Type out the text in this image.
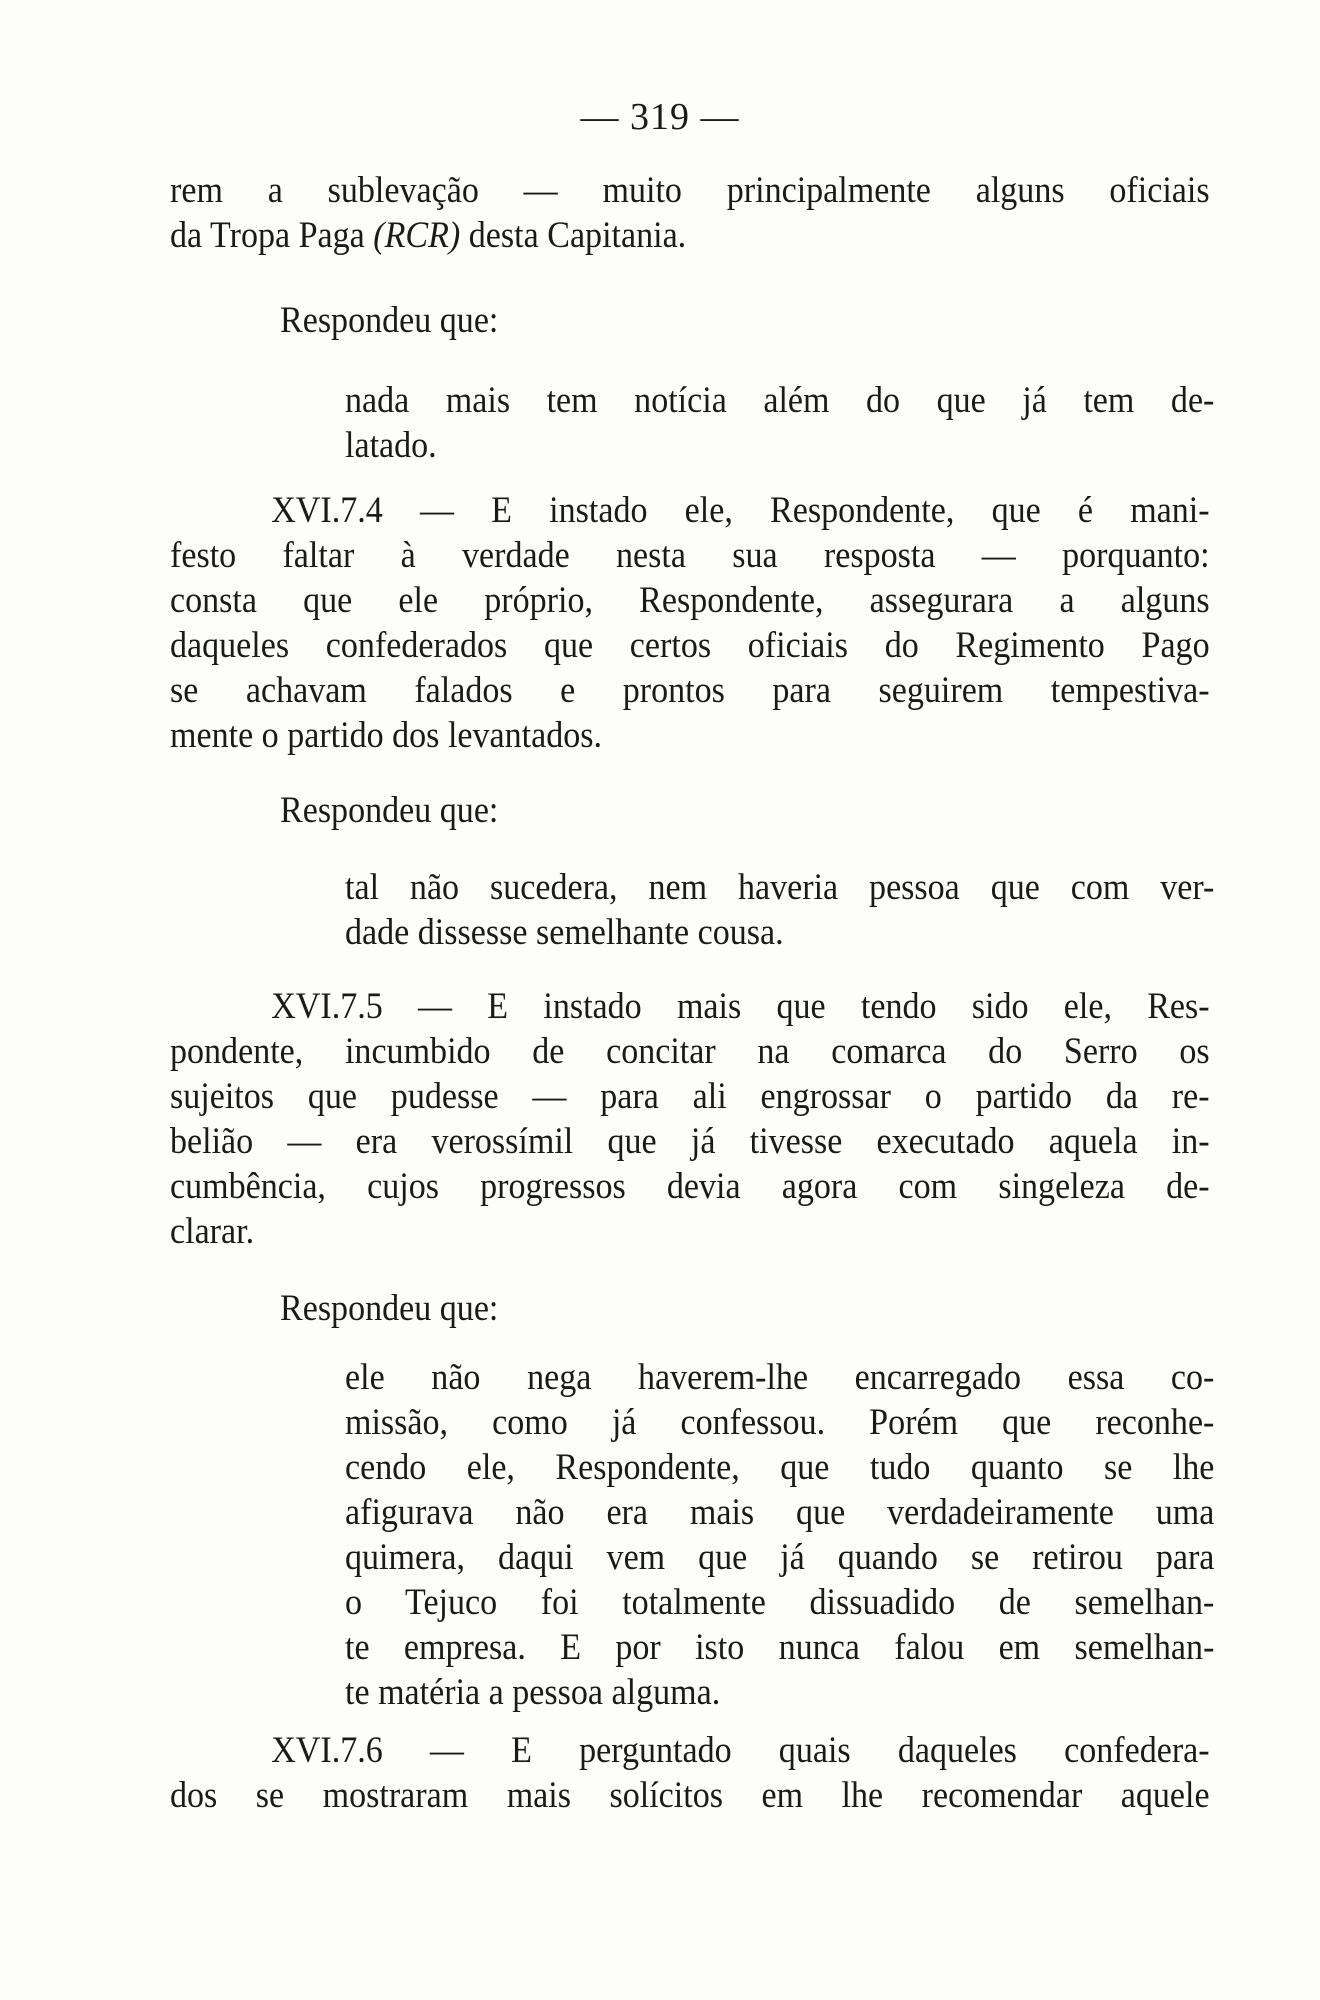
— 319 —
rem a sublevação — muito principalmente alguns oficiais
da Tropa Paga (RCR) desta Capitania.
Respondeu que:
nada mais tem notícia além do que já tem de-
latado.
XVI.7.4 — E instado ele, Respondente, que é mani-
festo faltar à verdade nesta sua resposta — porquanto:
consta que ele próprio, Respondente, assegurara a alguns
daqueles confederados que certos oficiais do Regimento Pago
se achavam falados e prontos para seguirem tempestiva-
mente o partido dos levantados.
Respondeu que:
tal não sucedera, nem haveria pessoa que com ver-
dade dissesse semelhante cousa.
XVI.7.5 — E instado mais que tendo sido ele, Res-
pondente, incumbido de concitar na comarca do Serro os
sujeitos que pudesse — para ali engrossar o partido da re-
belião — era verossímil que já tivesse executado aquela in-
cumbência, cujos progressos devia agora com singeleza de-
clarar.
Respondeu que:
ele não nega haverem-lhe encarregado essa co-
missão, como já confessou. Porém que reconhe-
cendo ele, Respondente, que tudo quanto se lhe
afigurava não era mais que verdadeiramente uma
quimera, daqui vem que já quando se retirou para
o Tejuco foi totalmente dissuadido de semelhan-
te empresa. E por isto nunca falou em semelhan-
te matéria a pessoa alguma.
XVI.7.6 — E perguntado quais daqueles confedera-
dos se mostraram mais solícitos em lhe recomendar aquele
